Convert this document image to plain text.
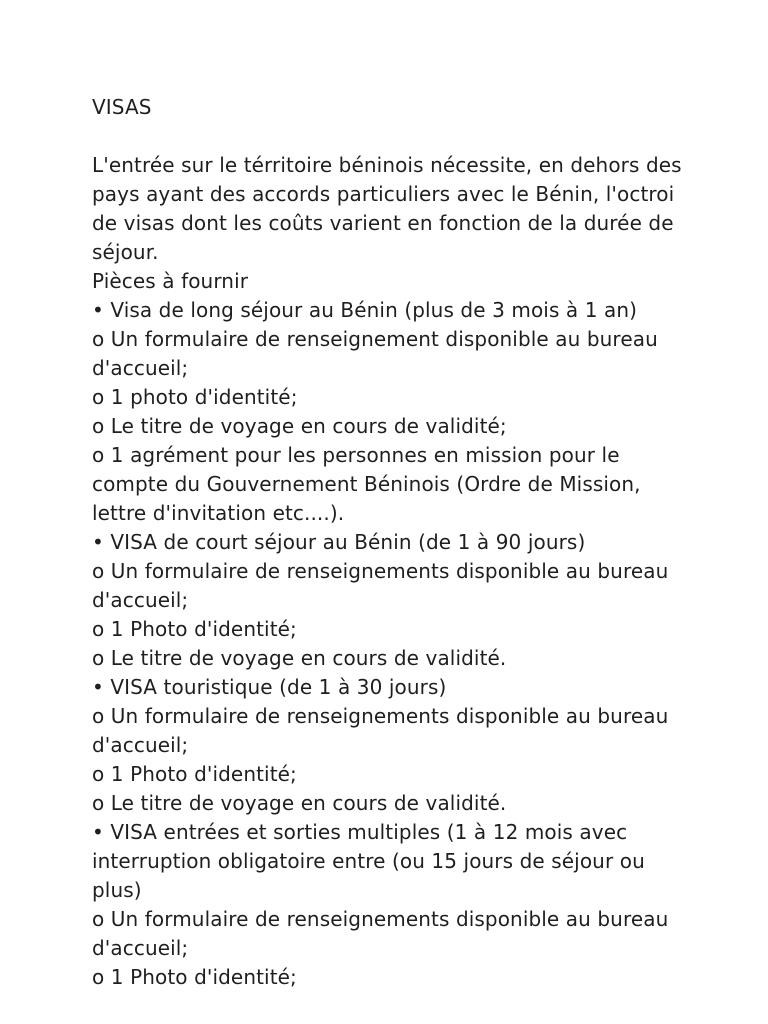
VISAS

L'entrée sur le térritoire béninois nécessite, en dehors des pays ayant des accords particuliers avec le Bénin, l'octroi de visas dont les coûts varient en fonction de la durée de séjour.

Pièces à fournir

• Visa de long séjour au Bénin (plus de 3 mois à 1 an)

o Un formulaire de renseignement disponible au bureau d'accueil;

o 1 photo d'identité;

o Le titre de voyage en cours de validité;

o 1 agrément pour les personnes en mission pour le compte du Gouvernement Béninois (Ordre de Mission, lettre d'invitation etc....).

• VISA de court séjour au Bénin (de 1 à 90 jours)

o Un formulaire de renseignements disponible au bureau d'accueil;

o 1 Photo d'identité;

o Le titre de voyage en cours de validité.

• VISA touristique (de 1 à 30 jours)

o Un formulaire de renseignements disponible au bureau d'accueil;

o 1 Photo d'identité;

o Le titre de voyage en cours de validité.

• VISA entrées et sorties multiples (1 à 12 mois avec interruption obligatoire entre (ou 15 jours de séjour ou plus)

o Un formulaire de renseignements disponible au bureau d'accueil;

o 1 Photo d'identité;
